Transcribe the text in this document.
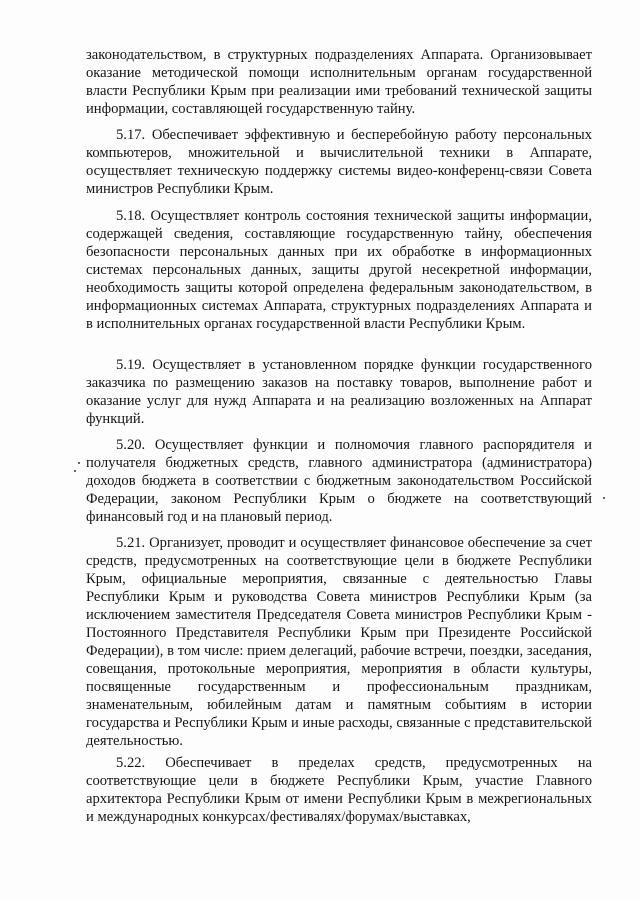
законодательством, в структурных подразделениях Аппарата. Организовывает оказание методической помощи исполнительным органам государственной власти Республики Крым при реализации ими требований технической защиты информации, составляющей государственную тайну.

5.17. Обеспечивает эффективную и бесперебойную работу персональных компьютеров, множительной и вычислительной техники в Аппарате, осуществляет техническую поддержку системы видео-конференц-связи Совета министров Республики Крым.

5.18. Осуществляет контроль состояния технической защиты информации, содержащей сведения, составляющие государственную тайну, обеспечения безопасности персональных данных при их обработке в информационных системах персональных данных, защиты другой несекретной информации, необходимость защиты которой определена федеральным законодательством, в информационных системах Аппарата, структурных подразделениях Аппарата и в исполнительных органах государственной власти Республики Крым.

5.19. Осуществляет в установленном порядке функции государственного заказчика по размещению заказов на поставку товаров, выполнение работ и оказание услуг для нужд Аппарата и на реализацию возложенных на Аппарат функций.

5.20. Осуществляет функции и полномочия главного распорядителя и получателя бюджетных средств, главного администратора (администратора) доходов бюджета в соответствии с бюджетным законодательством Российской Федерации, законом Республики Крым о бюджете на соответствующий финансовый год и на плановый период.

5.21. Организует, проводит и осуществляет финансовое обеспечение за счет средств, предусмотренных на соответствующие цели в бюджете Республики Крым, официальные мероприятия, связанные с деятельностью Главы Республики Крым и руководства Совета министров Республики Крым (за исключением заместителя Председателя Совета министров Республики Крым - Постоянного Представителя Республики Крым при Президенте Российской Федерации), в том числе: прием делегаций, рабочие встречи, поездки, заседания, совещания, протокольные мероприятия, мероприятия в области культуры, посвященные государственным и профессиональным праздникам, знаменательным, юбилейным датам и памятным событиям в истории государства и Республики Крым и иные расходы, связанные с представительской деятельностью.

5.22. Обеспечивает в пределах средств, предусмотренных на соответствующие цели в бюджете Республики Крым, участие Главного архитектора Республики Крым от имени Республики Крым в межрегиональных и международных конкурсах/фестивалях/форумах/выставках,
